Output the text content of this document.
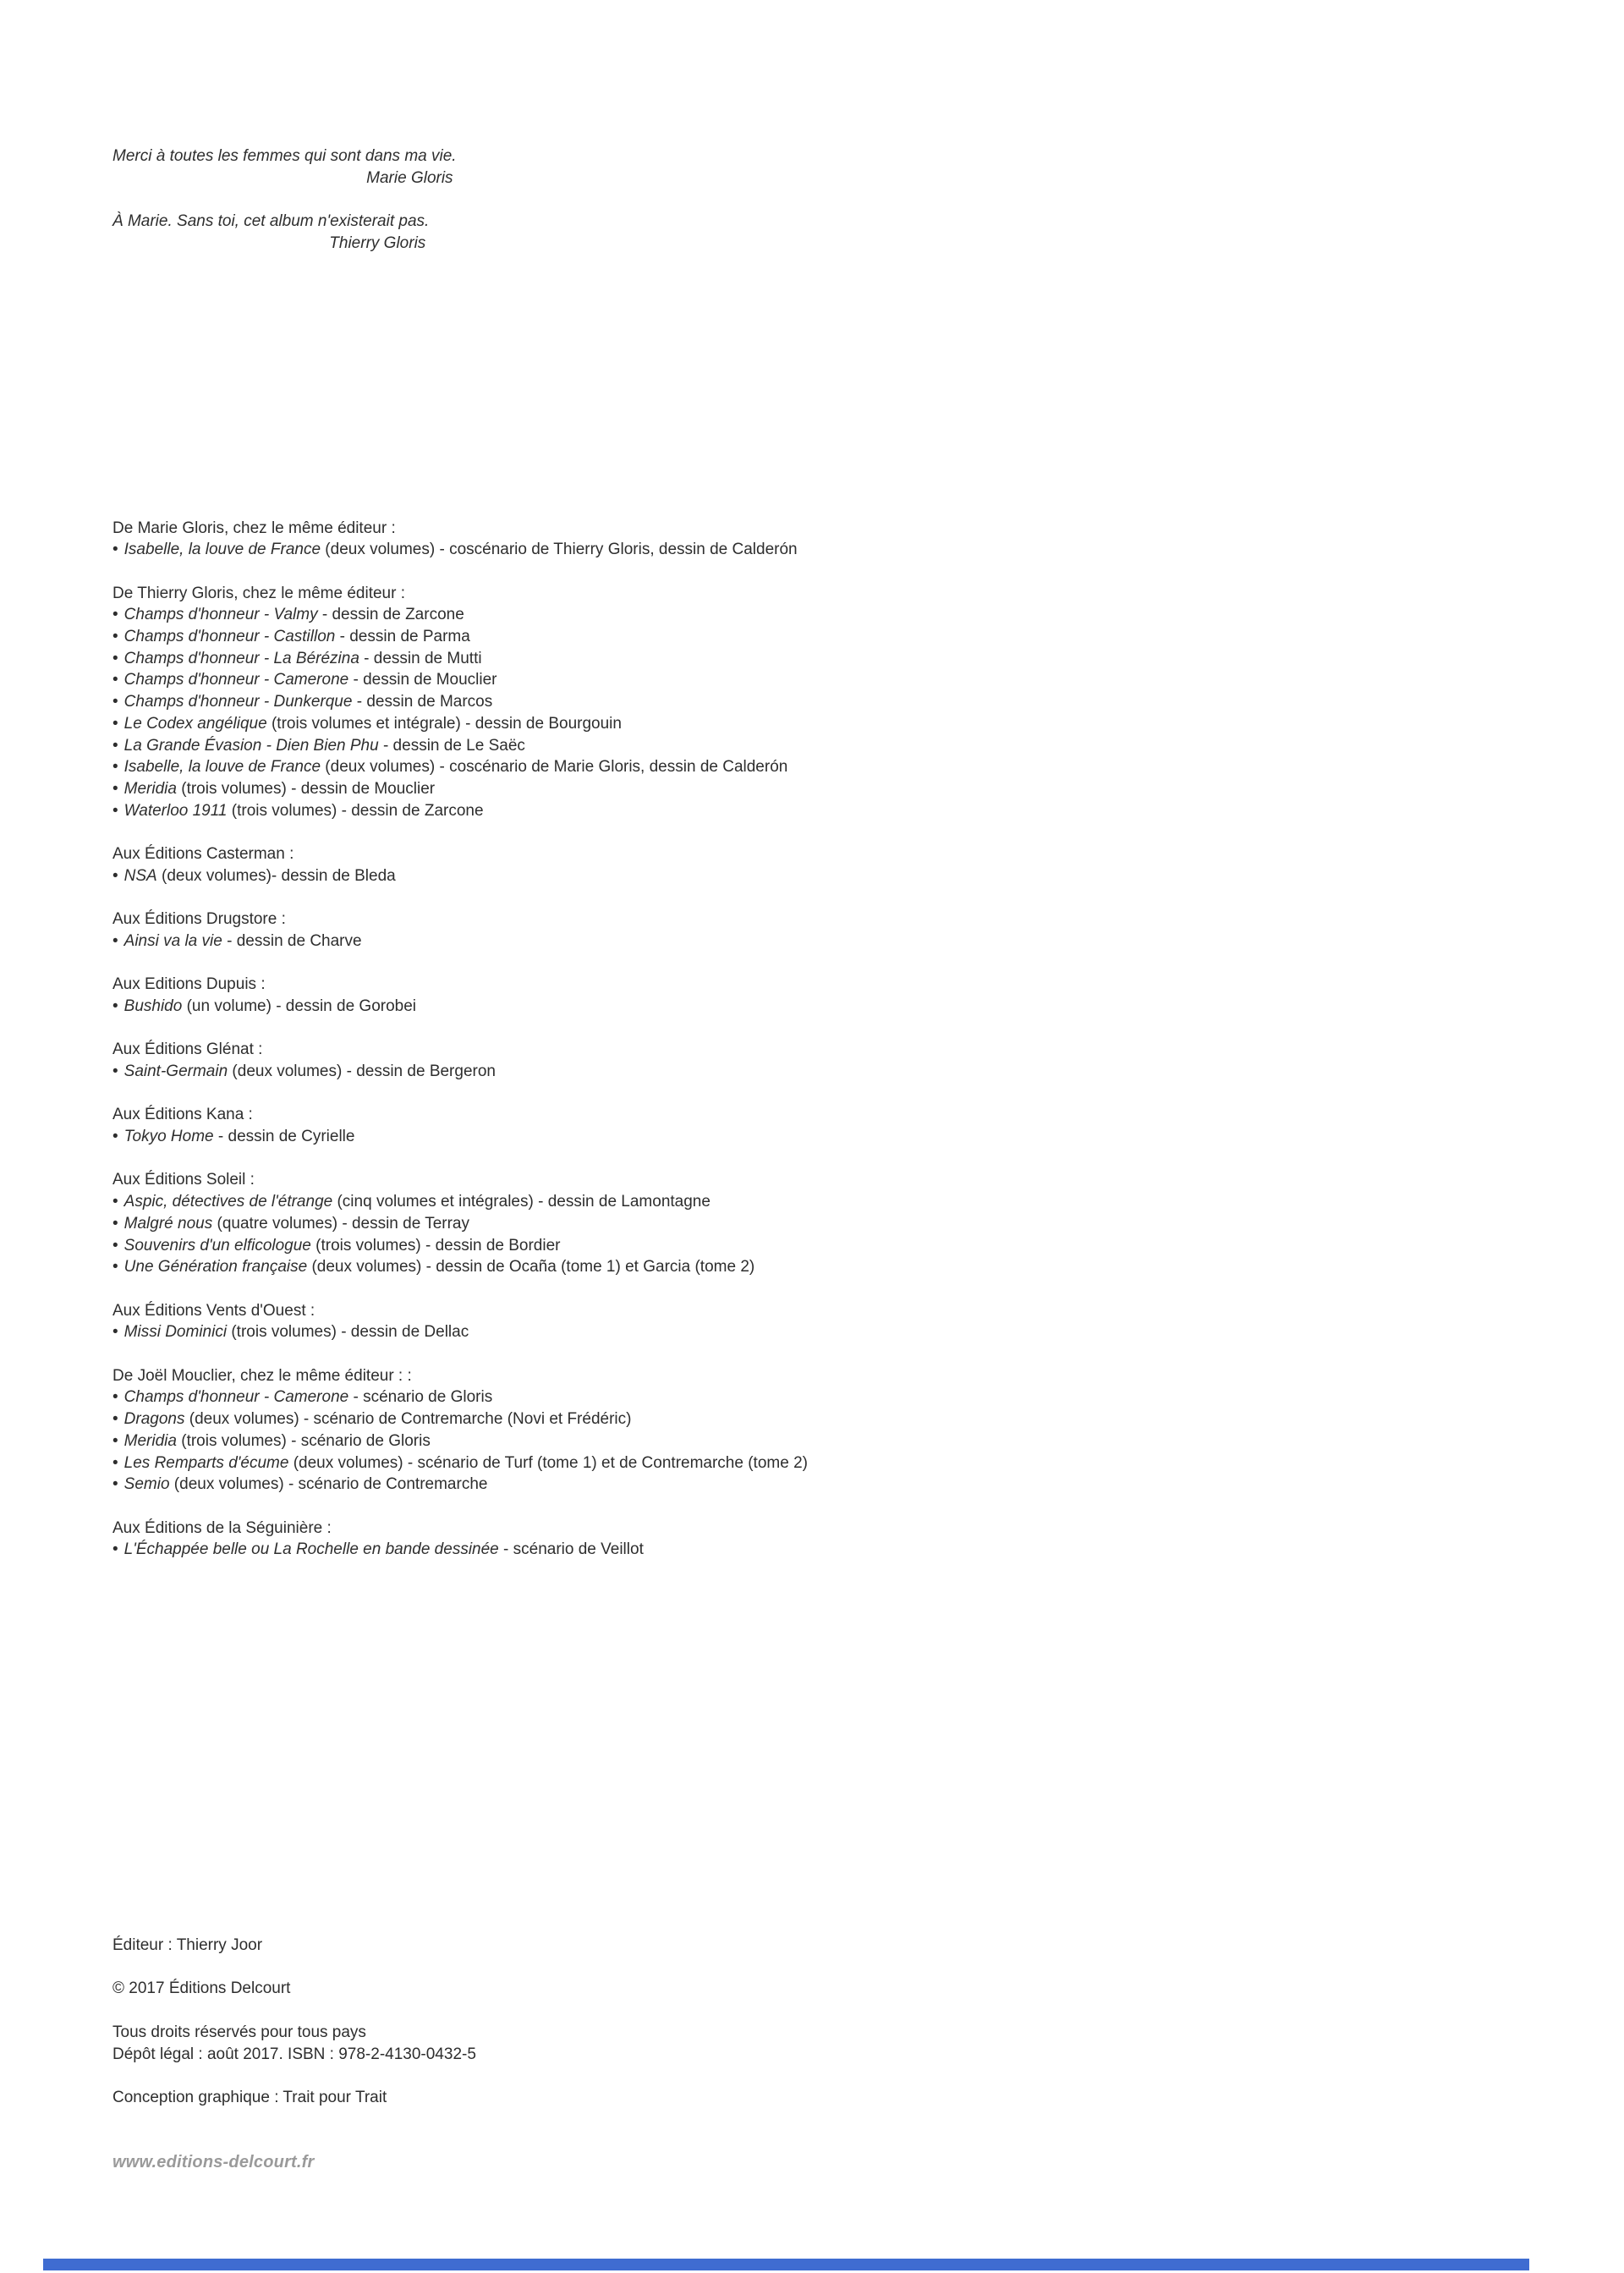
Merci à toutes les femmes qui sont dans ma vie.
Marie Gloris
À Marie. Sans toi, cet album n'existerait pas.
Thierry Gloris
De Marie Gloris, chez le même éditeur :
• Isabelle, la louve de France (deux volumes) - coscénario de Thierry Gloris, dessin de Calderón
De Thierry Gloris, chez le même éditeur :
• Champs d'honneur - Valmy - dessin de Zarcone
• Champs d'honneur - Castillon - dessin de Parma
• Champs d'honneur - La Bérézina - dessin de Mutti
• Champs d'honneur - Camerone - dessin de Mouclier
• Champs d'honneur - Dunkerque - dessin de Marcos
• Le Codex angélique (trois volumes et intégrale) - dessin de Bourgouin
• La Grande Évasion - Dien Bien Phu - dessin de Le Saëc
• Isabelle, la louve de France (deux volumes) - coscénario de Marie Gloris, dessin de Calderón
• Meridia (trois volumes) - dessin de Mouclier
• Waterloo 1911 (trois volumes) - dessin de Zarcone
Aux Éditions Casterman :
• NSA (deux volumes)- dessin de Bleda
Aux Éditions Drugstore :
• Ainsi va la vie - dessin de Charve
Aux Editions Dupuis :
• Bushido (un volume) - dessin de Gorobei
Aux Éditions Glénat :
• Saint-Germain (deux volumes) - dessin de Bergeron
Aux Éditions Kana :
• Tokyo Home - dessin de Cyrielle
Aux Éditions Soleil :
• Aspic, détectives de l'étrange (cinq volumes et intégrales) - dessin de Lamontagne
• Malgré nous (quatre volumes) - dessin de Terray
• Souvenirs d'un elficologue (trois volumes) - dessin de Bordier
• Une Génération française (deux volumes) - dessin de Ocaña (tome 1) et Garcia (tome 2)
Aux Éditions Vents d'Ouest :
• Missi Dominici (trois volumes) - dessin de Dellac
De Joël Mouclier, chez le même éditeur : :
• Champs d'honneur - Camerone - scénario de Gloris
• Dragons (deux volumes) - scénario de Contremarche (Novi et Frédéric)
• Meridia (trois volumes) - scénario de Gloris
• Les Remparts d'écume (deux volumes) - scénario de Turf (tome 1) et de Contremarche (tome 2)
• Semio (deux volumes) - scénario de Contremarche
Aux Éditions de la Séguinière :
• L'Échappée belle ou La Rochelle en bande dessinée - scénario de Veillot
Éditeur : Thierry Joor
© 2017 Éditions Delcourt
Tous droits réservés pour tous pays
Dépôt légal : août 2017. ISBN : 978-2-4130-0432-5
Conception graphique : Trait pour Trait
www.editions-delcourt.fr
